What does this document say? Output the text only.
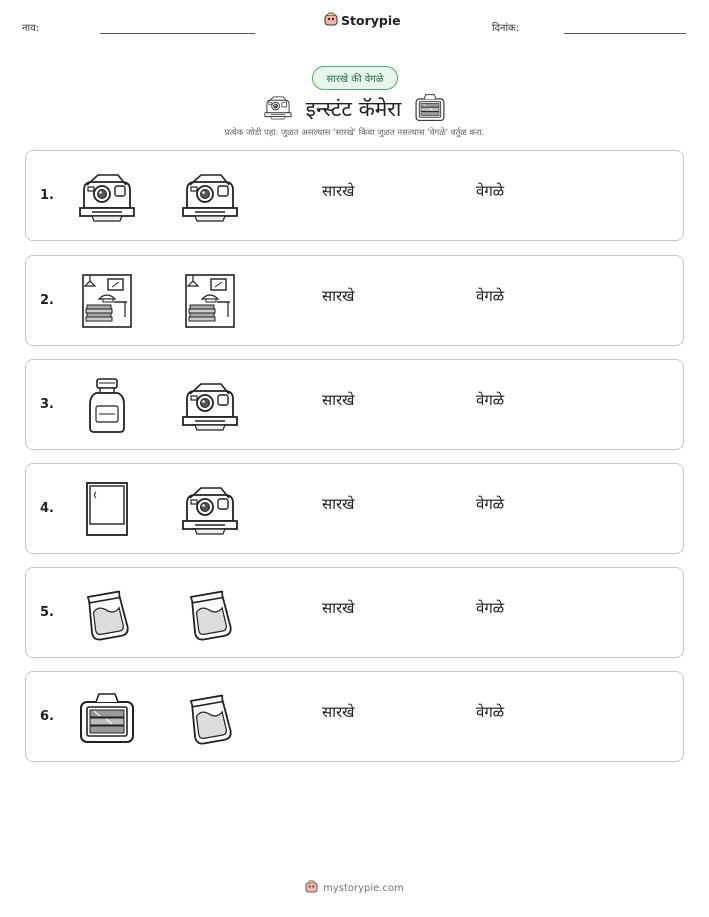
नाव:
Storypie
दिनांक:
सारखे की वेगळे
इन्स्टंट कॅमेरा
प्रत्येक जोडी पहा. जुळत असल्यास 'सारखे' किंवा जुळत नसल्यास 'वेगळे' वर्तुळ करा.
1.	सारखे	वेगळे
2.	सारखे	वेगळे
3.	सारखे	वेगळे
4.	सारखे	वेगळे
5.	सारखे	वेगळे
6.	सारखे	वेगळे
mystorypie.com
